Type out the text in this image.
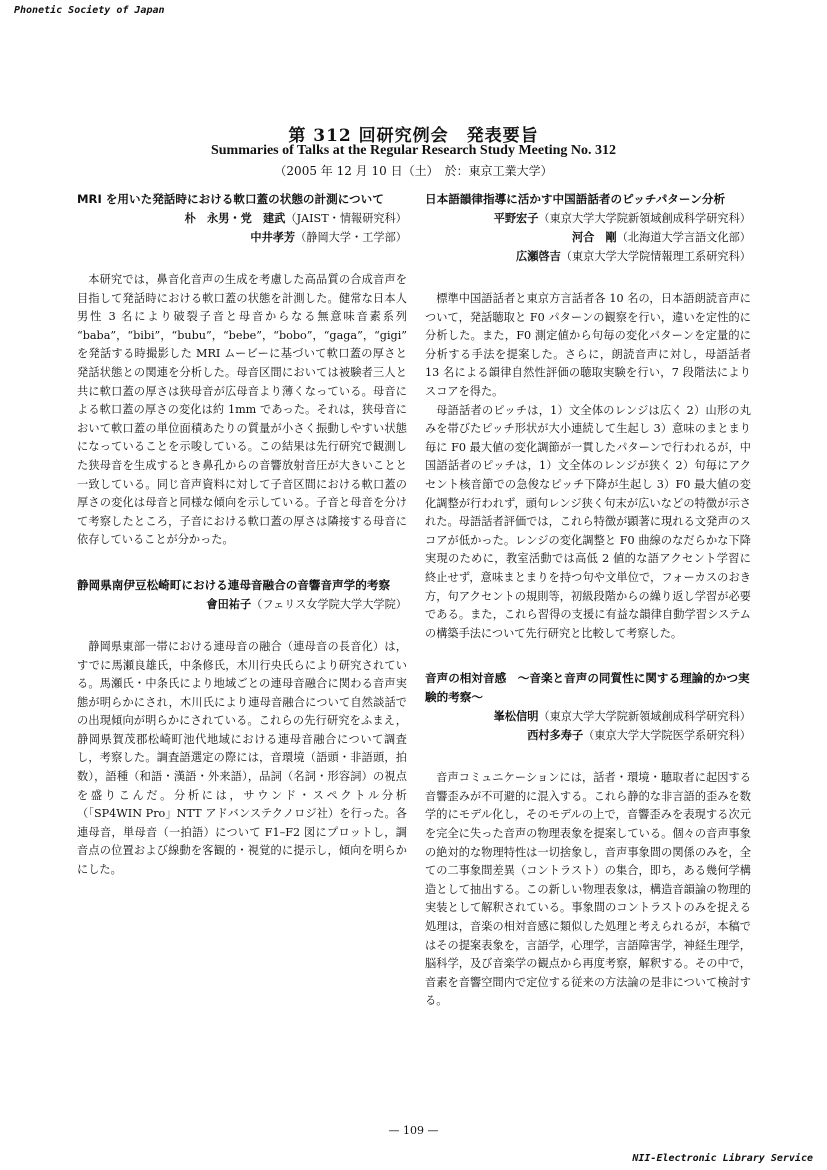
Phonetic Society of Japan
第 312 回研究例会　発表要旨
Summaries of Talks at the Regular Research Study Meeting No. 312
（2005 年 12 月 10 日（土）　於：東京工業大学）

MRI を用いた発話時における軟口蓋の状態の計測について

朴　永男・党　建武（JAIST・情報研究科）

中井孝芳（静岡大学・工学部）

本研究では，鼻音化音声の生成を考慮した高品質の合成音声を目指して発話時における軟口蓋の状態を計測した。健常な日本人男性 3 名により破裂子音と母音からなる無意味音素系列 “baba”，“bibi”，“bubu”，“bebe”，“bobo”，“gaga”，“gigi” を発話する時撮影した MRI ムービーに基づいて軟口蓋の厚さと発話状態との関連を分析した。母音区間においては被験者三人と共に軟口蓋の厚さは狭母音が広母音より薄くなっている。母音による軟口蓋の厚さの変化は約 1mm であった。それは，狭母音において軟口蓋の単位面積あたりの質量が小さく振動しやすい状態になっていることを示唆している。この結果は先行研究で観測した狭母音を生成するとき鼻孔からの音響放射音圧が大きいことと一致している。同じ音声資料に対して子音区間における軟口蓋の厚さの変化は母音と同様な傾向を示している。子音と母音を分けて考察したところ，子音における軟口蓋の厚さは隣接する母音に依存していることが分かった。

静岡県南伊豆松崎町における連母音融合の音響音声学的考察

會田祐子（フェリス女学院大学大学院）

静岡県東部一帯における連母音の融合（連母音の長音化）は，すでに馬瀬良雄氏，中条修氏，木川行央氏らにより研究されている。馬瀬氏・中条氏により地域ごとの連母音融合に関わる音声実態が明らかにされ，木川氏により連母音融合について自然談話での出現傾向が明らかにされている。これらの先行研究をふまえ，静岡県賀茂郡松崎町池代地域における連母音融合について調査し，考察した。調査語選定の際には，音環境（語頭・非語頭，拍数），語種（和語・漢語・外来語），品詞（名詞・形容詞）の視点を盛りこんだ。分析には，サウンド・スペクトル分析（「SP4WIN Pro」NTT アドバンステクノロジ社）を行った。各連母音，単母音（一拍語）について F1–F2 図にプロットし，調音点の位置および線動を客観的・視覚的に提示し，傾向を明らかにした。

日本語韻律指導に活かす中国語話者のピッチパターン分析

平野宏子（東京大学大学院新領域創成科学研究科）

河合　剛（北海道大学言語文化部）

広瀬啓吉（東京大学大学院情報理工系研究科）

標準中国語話者と東京方言話者各 10 名の，日本語朗読音声について，発話聴取と F0 パターンの観察を行い，違いを定性的に分析した。また，F0 測定値から句毎の変化パターンを定量的に分析する手法を提案した。さらに，朗読音声に対し，母語話者 13 名による韻律自然性評価の聴取実験を行い，7 段階法によりスコアを得た。

母語話者のピッチは，1）文全体のレンジは広く 2）山形の丸みを帯びたピッチ形状が大小連続して生起し 3）意味のまとまり毎に F0 最大値の変化調節が一貫したパターンで行われるが，中国語話者のピッチは，1）文全体のレンジが狭く 2）句毎にアクセント核音節での急俊なピッチ下降が生起し 3）F0 最大値の変化調整が行われず，頭句レンジ狭く句末が広いなどの特徴が示された。母語話者評価では，これら特徴が顕著に現れる文発声のスコアが低かった。レンジの変化調整と F0 曲線のなだらかな下降実現のために，教室活動では高低 2 値的な語アクセント学習に終止せず，意味まとまりを持つ句や文単位で，フォーカスのおき方，句アクセントの規則等，初級段階からの繰り返し学習が必要である。また，これら習得の支援に有益な韻律自動学習システムの構築手法について先行研究と比較して考察した。

音声の相対音感　～音楽と音声の同質性に関する理論的かつ実験的考察～

峯松信明（東京大学大学院新領域創成科学研究科）

西村多寿子（東京大学大学院医学系研究科）

音声コミュニケーションには，話者・環境・聴取者に起因する音響歪みが不可避的に混入する。これら静的な非言語的歪みを数学的にモデル化し，そのモデルの上で，音響歪みを表現する次元を完全に失った音声の物理表象を提案している。個々の音声事象の絶対的な物理特性は一切捨象し，音声事象間の関係のみを，全ての二事象間差異（コントラスト）の集合，即ち，ある幾何学構造として抽出する。この新しい物理表象は，構造音韻論の物理的実装として解釈されている。事象間のコントラストのみを捉える処理は，音楽の相対音感に類似した処理と考えられるが，本稿ではその提案表象を，言語学，心理学，言語障害学，神経生理学，脳科学，及び音楽学の観点から再度考察，解釈する。その中で，音素を音響空間内で定位する従来の方法論の是非について検討する。

— 109 —
NII-Electronic Library Service
